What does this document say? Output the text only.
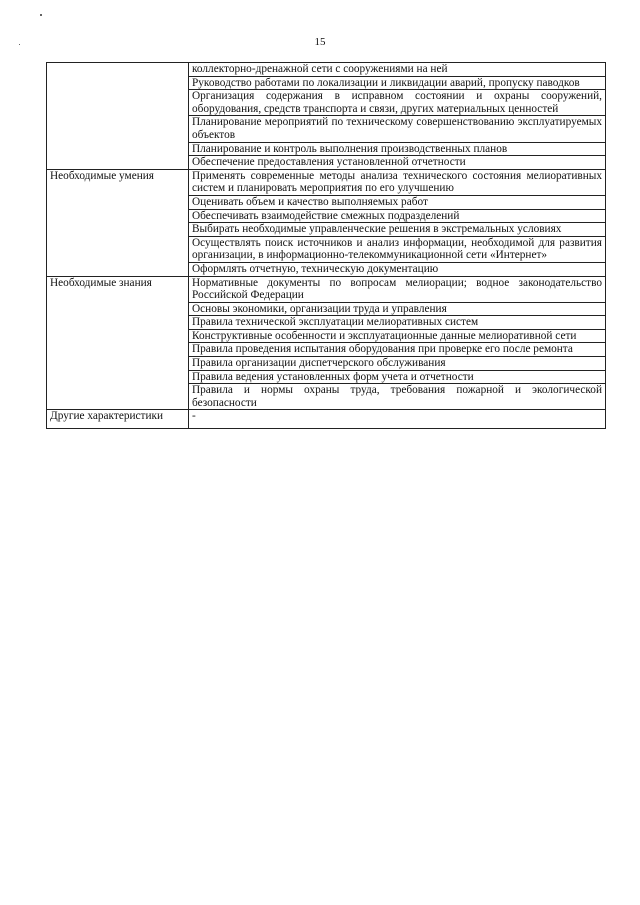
15
	коллекторно-дренажной сети с сооружениями на ней
	Руководство работами по локализации и ликвидации аварий, пропуску паводков
	Организация содержания в исправном состоянии и охраны сооружений, оборудования, средств транспорта и связи, других материальных ценностей
	Планирование мероприятий по техническому совершенствованию эксплуатируемых объектов
	Планирование и контроль выполнения производственных планов
	Обеспечение предоставления установленной отчетности
Необходимые умения	Применять современные методы анализа технического состояния мелиоративных систем и планировать мероприятия по его улучшению
	Оценивать объем и качество выполняемых работ
	Обеспечивать взаимодействие смежных подразделений
	Выбирать необходимые управленческие решения в экстремальных условиях
	Осуществлять поиск источников и анализ информации, необходимой для развития организации, в информационно-телекоммуникационной сети «Интернет»
	Оформлять отчетную, техническую документацию
Необходимые знания	Нормативные документы по вопросам мелиорации; водное законодательство Российской Федерации
	Основы экономики, организации труда и управления
	Правила технической эксплуатации мелиоративных систем
	Конструктивные особенности и эксплуатационные данные мелиоративной сети
	Правила проведения испытания оборудования при проверке его после ремонта
	Правила организации диспетчерского обслуживания
	Правила ведения установленных форм учета и отчетности
	Правила и нормы охраны труда, требования пожарной и экологической безопасности
Другие характеристики	-
